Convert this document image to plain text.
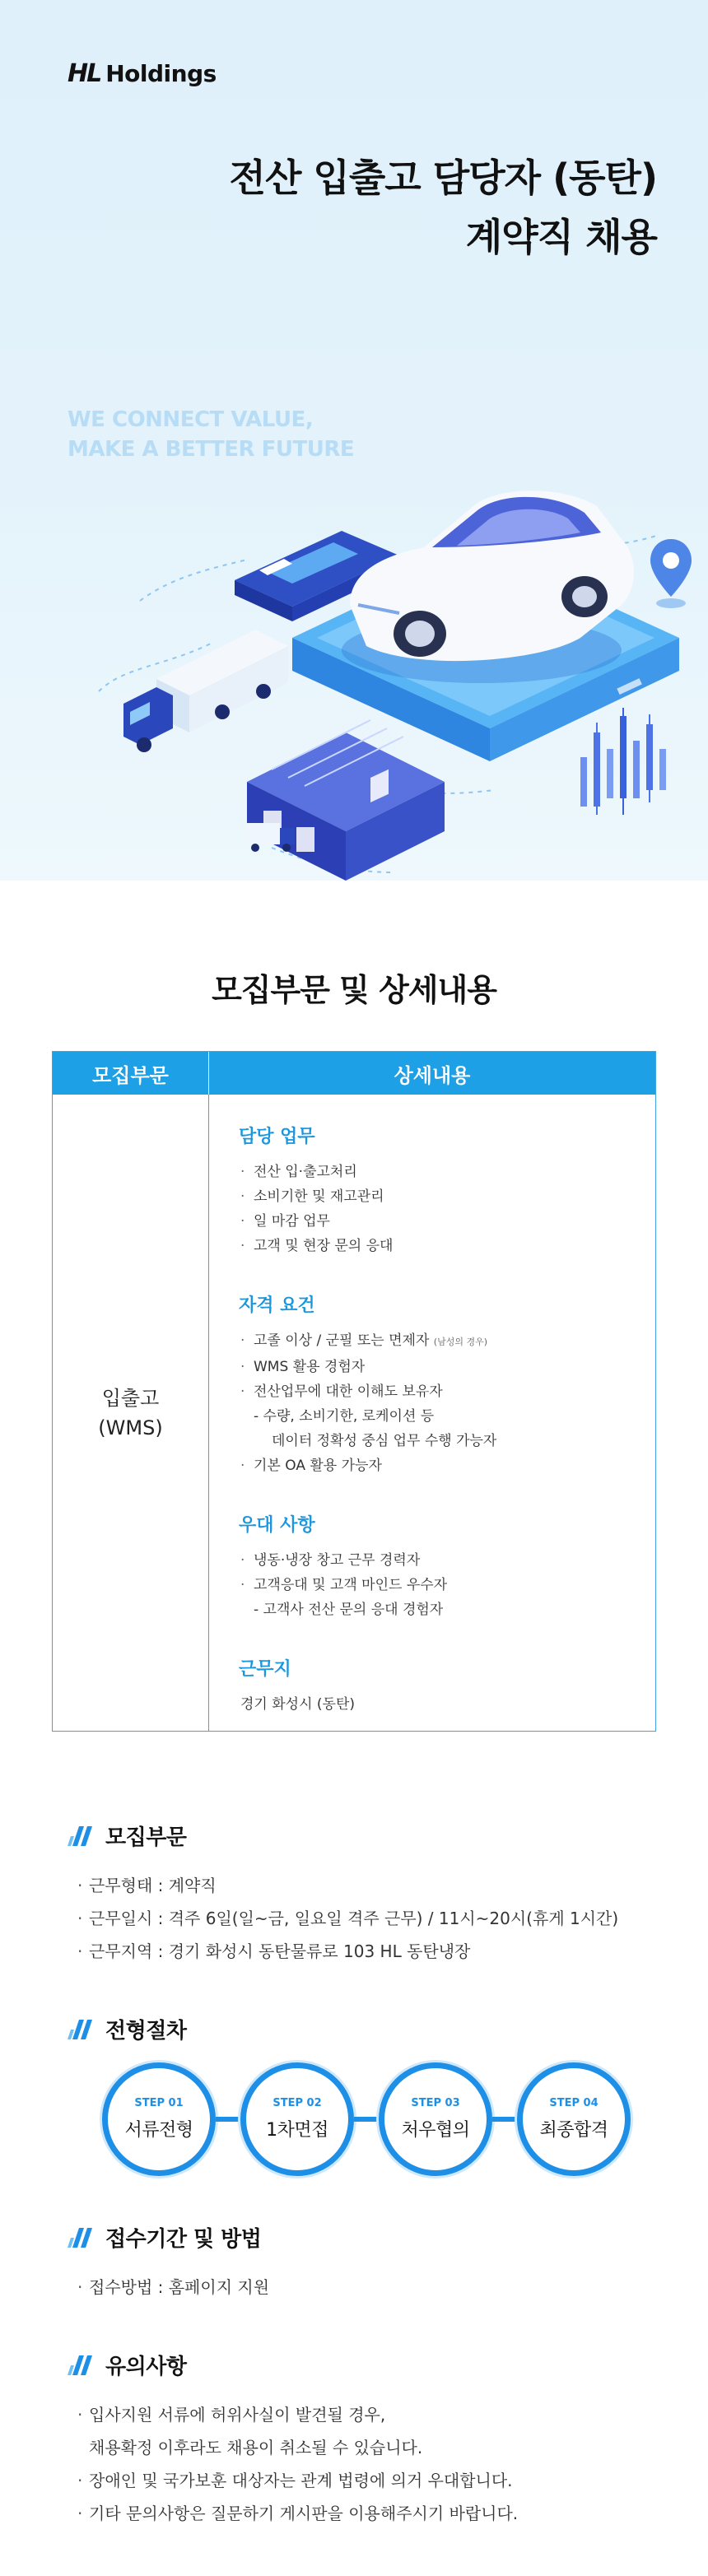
HL Holdings
전산 입출고 담당자 (동탄)
계약직 채용
WE CONNECT VALUE,
MAKE A BETTER FUTURE
모집부문 및 상세내용
모집부문	상세내용
입출고
(WMS)
담당 업무
· 전산 입·출고처리
· 소비기한 및 재고관리
· 일 마감 업무
· 고객 및 현장 문의 응대
자격 요건
· 고졸 이상 / 군필 또는 면제자 (남성의 경우)
· WMS 활용 경험자
· 전산업무에 대한 이해도 보유자
- 수량, 소비기한, 로케이션 등
데이터 정확성 중심 업무 수행 가능자
· 기본 OA 활용 가능자
우대 사항
· 냉동·냉장 창고 근무 경력자
· 고객응대 및 고객 마인드 우수자
- 고객사 전산 문의 응대 경험자
근무지
경기 화성시 (동탄)
모집부문
· 근무형태 : 계약직
· 근무일시 : 격주 6일(일~금, 일요일 격주 근무) / 11시~20시(휴게 1시간)
· 근무지역 : 경기 화성시 동탄물류로 103 HL 동탄냉장
전형절차
STEP 01
서류전형
STEP 02
1차면접
STEP 03
처우협의
STEP 04
최종합격
접수기간 및 방법
· 접수방법 : 홈페이지 지원
유의사항
· 입사지원 서류에 허위사실이 발견될 경우,
채용확정 이후라도 채용이 취소될 수 있습니다.
· 장애인 및 국가보훈 대상자는 관계 법령에 의거 우대합니다.
· 기타 문의사항은 질문하기 게시판을 이용해주시기 바랍니다.
